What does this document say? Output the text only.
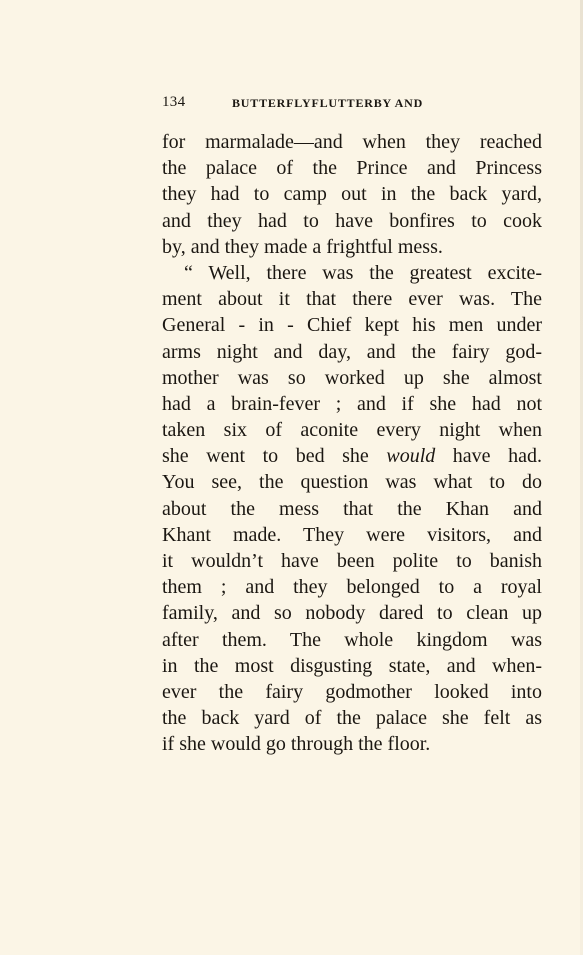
134	BUTTERFLYFLUTTERBY AND
for marmalade—and when they reached
the palace of the Prince and Princess
they had to camp out in the back yard,
and they had to have bonfires to cook
by, and they made a frightful mess.
“ Well, there was the greatest excite-
ment about it that there ever was. The
General - in - Chief kept his men under
arms night and day, and the fairy god-
mother was so worked up she almost
had a brain-fever ; and if she had not
taken six of aconite every night when
she went to bed she would have had.
You see, the question was what to do
about the mess that the Khan and
Khant made. They were visitors, and
it wouldn’t have been polite to banish
them ; and they belonged to a royal
family, and so nobody dared to clean up
after them. The whole kingdom was
in the most disgusting state, and when-
ever the fairy godmother looked into
the back yard of the palace she felt as
if she would go through the floor.
